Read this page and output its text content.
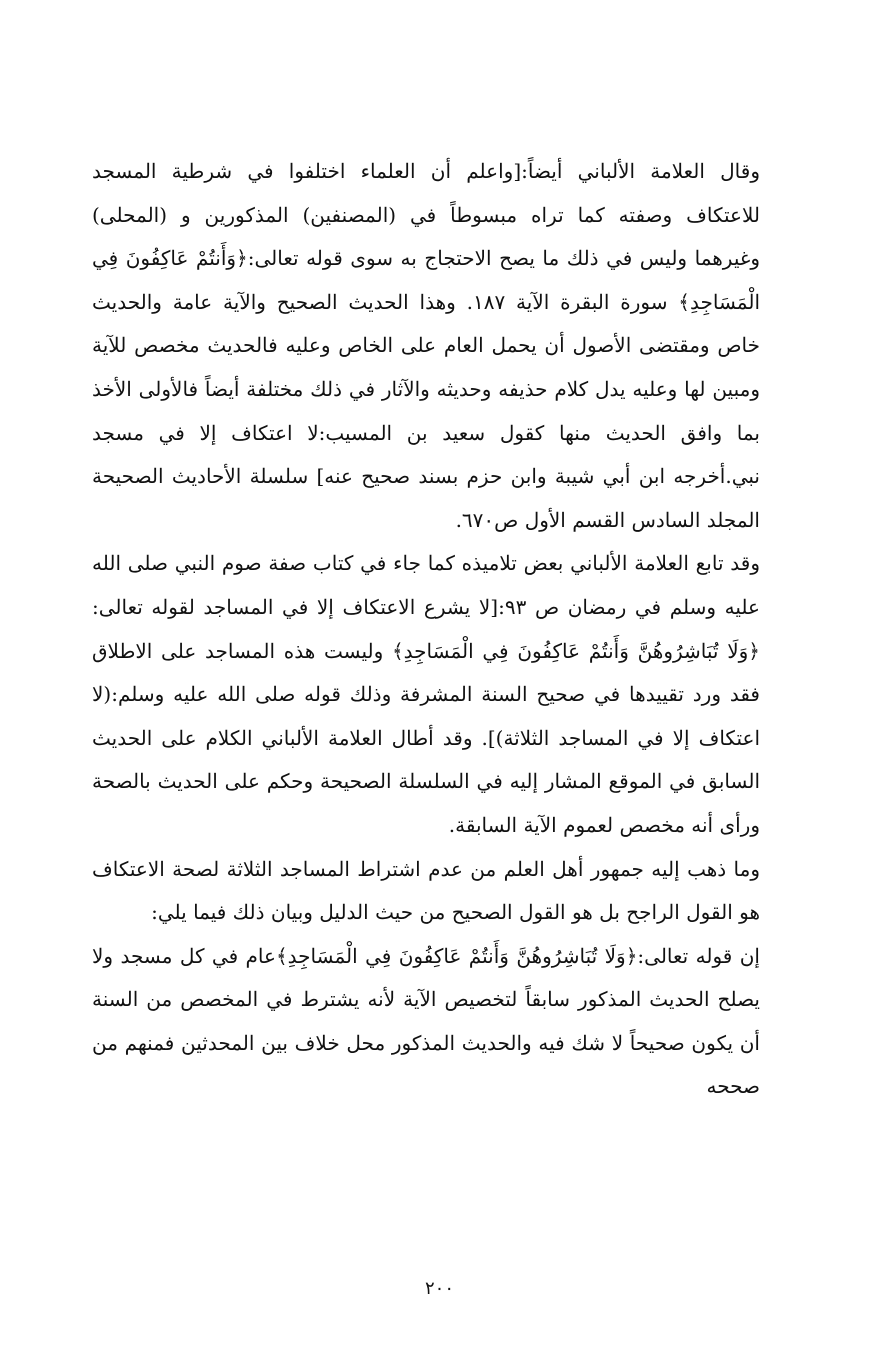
وقال العلامة الألباني أيضاً:[واعلم أن العلماء اختلفوا في شرطية المسجد للاعتكاف وصفته كما تراه مبسوطاً في (المصنفين) المذكورين و (المحلى) وغيرهما وليس في ذلك ما يصح الاحتجاج به سوى قوله تعالى:﴿وَأَنتُمْ عَاكِفُونَ فِي الْمَسَاجِدِ﴾ سورة البقرة الآية ١٨٧. وهذا الحديث الصحيح والآية عامة والحديث خاص ومقتضى الأصول أن يحمل العام على الخاص وعليه فالحديث مخصص للآية ومبين لها وعليه يدل كلام حذيفه وحديثه والآثار في ذلك مختلفة أيضاً فالأولى الأخذ بما وافق الحديث منها كقول سعيد بن المسيب:لا اعتكاف إلا في مسجد نبي.أخرجه ابن أبي شيبة وابن حزم بسند صحيح عنه] سلسلة الأحاديث الصحيحة المجلد السادس القسم الأول ص٦٧٠.

وقد تابع العلامة الألباني بعض تلاميذه كما جاء في كتاب صفة صوم النبي صلى الله عليه وسلم في رمضان ص ٩٣:[لا يشرع الاعتكاف إلا في المساجد لقوله تعالى:﴿وَلَا تُبَاشِرُوهُنَّ وَأَنتُمْ عَاكِفُونَ فِي الْمَسَاجِدِ﴾ وليست هذه المساجد على الاطلاق فقد ورد تقييدها في صحيح السنة المشرفة وذلك قوله صلى الله عليه وسلم:(لا اعتكاف إلا في المساجد الثلاثة)]. وقد أطال العلامة الألباني الكلام على الحديث السابق في الموقع المشار إليه في السلسلة الصحيحة وحكم على الحديث بالصحة ورأى أنه مخصص لعموم الآية السابقة.

وما ذهب إليه جمهور أهل العلم من عدم اشتراط المساجد الثلاثة لصحة الاعتكاف هو القول الراجح بل هو القول الصحيح من حيث الدليل وبيان ذلك فيما يلي:

إن قوله تعالى:﴿وَلَا تُبَاشِرُوهُنَّ وَأَنتُمْ عَاكِفُونَ فِي الْمَسَاجِدِ﴾عام في كل مسجد ولا يصلح الحديث المذكور سابقاً لتخصيص الآية لأنه يشترط في المخصص من السنة أن يكون صحيحاً لا شك فيه والحديث المذكور محل خلاف بين المحدثين فمنهم من صححه

٢٠٠
